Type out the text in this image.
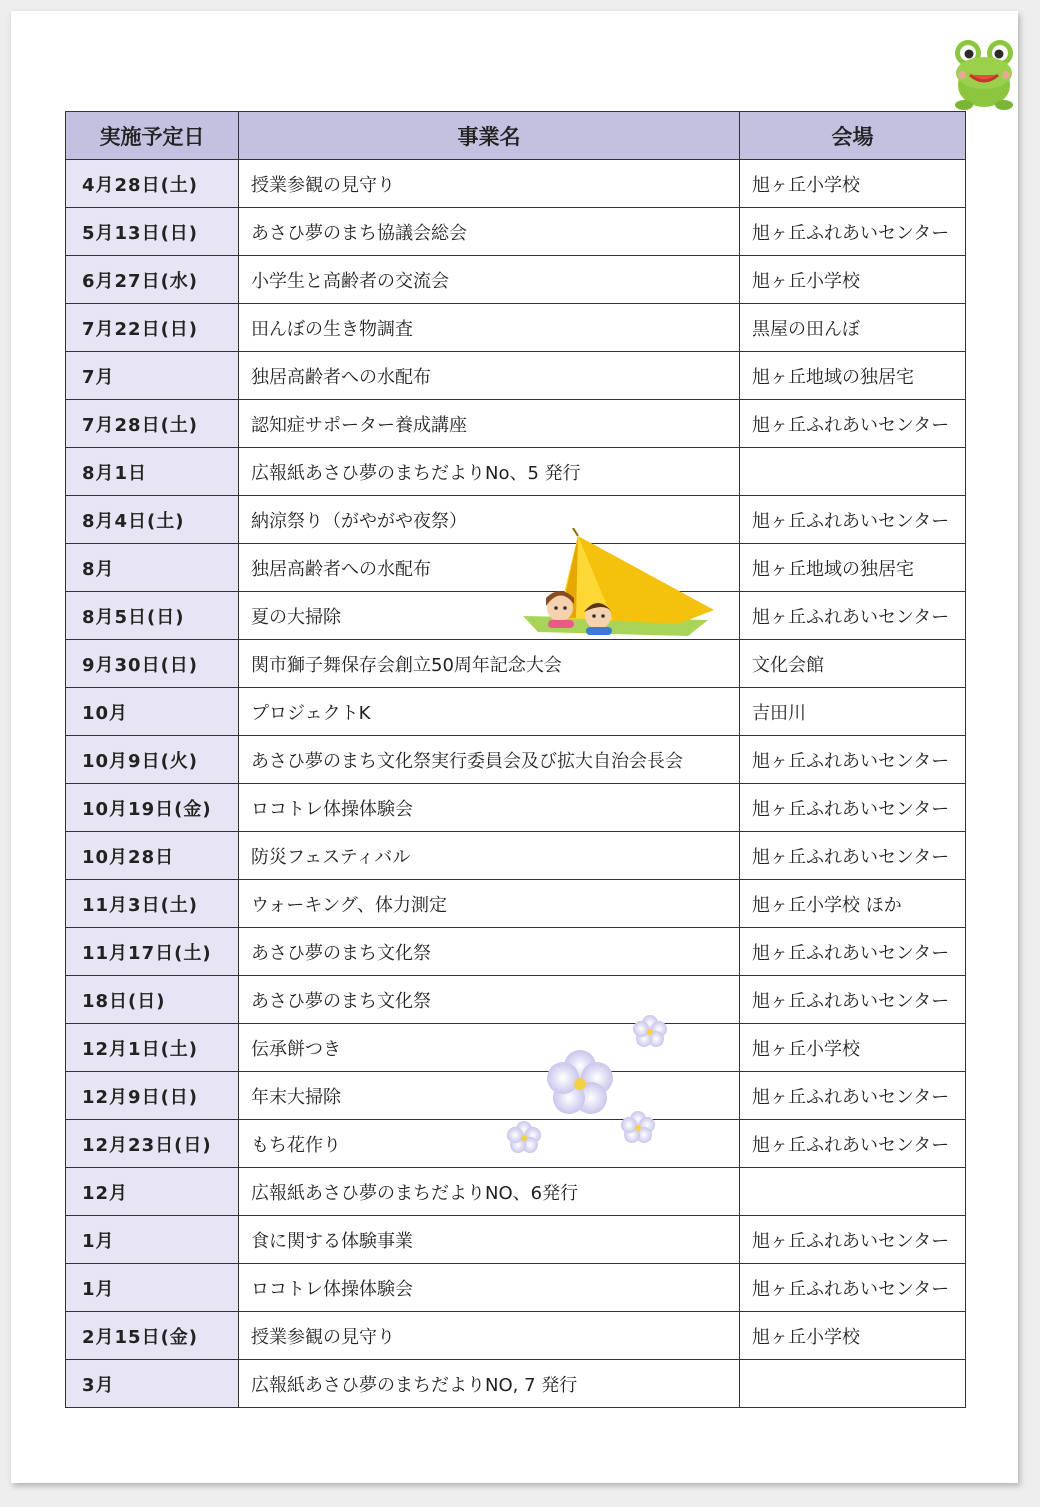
実施予定日	事業名	会場
4月28日(土)	授業参観の見守り	旭ヶ丘小学校
5月13日(日)	あさひ夢のまち協議会総会	旭ヶ丘ふれあいセンター
6月27日(水)	小学生と高齢者の交流会	旭ヶ丘小学校
7月22日(日)	田んぼの生き物調査	黒屋の田んぼ
7月	独居高齢者への水配布	旭ヶ丘地域の独居宅
7月28日(土)	認知症サポーター養成講座	旭ヶ丘ふれあいセンター
8月1日	広報紙あさひ夢のまちだよりNo、5 発行	
8月4日(土)	納涼祭り（がやがや夜祭）	旭ヶ丘ふれあいセンター
8月	独居高齢者への水配布	旭ヶ丘地域の独居宅
8月5日(日)	夏の大掃除	旭ヶ丘ふれあいセンター
9月30日(日)	関市獅子舞保存会創立50周年記念大会	文化会館
10月	プロジェクトK	吉田川
10月9日(火)	あさひ夢のまち文化祭実行委員会及び拡大自治会長会	旭ヶ丘ふれあいセンター
10月19日(金)	ロコトレ体操体験会	旭ヶ丘ふれあいセンター
10月28日	防災フェスティバル	旭ヶ丘ふれあいセンター
11月3日(土)	ウォーキング、体力測定	旭ヶ丘小学校 ほか
11月17日(土)	あさひ夢のまち文化祭	旭ヶ丘ふれあいセンター
18日(日)	あさひ夢のまち文化祭	旭ヶ丘ふれあいセンター
12月1日(土)	伝承餅つき	旭ヶ丘小学校
12月9日(日)	年末大掃除	旭ヶ丘ふれあいセンター
12月23日(日)	もち花作り	旭ヶ丘ふれあいセンター
12月	広報紙あさひ夢のまちだよりNO、6発行	
1月	食に関する体験事業	旭ヶ丘ふれあいセンター
1月	ロコトレ体操体験会	旭ヶ丘ふれあいセンター
2月15日(金)	授業参観の見守り	旭ヶ丘小学校
3月	広報紙あさひ夢のまちだよりNO, 7 発行	
